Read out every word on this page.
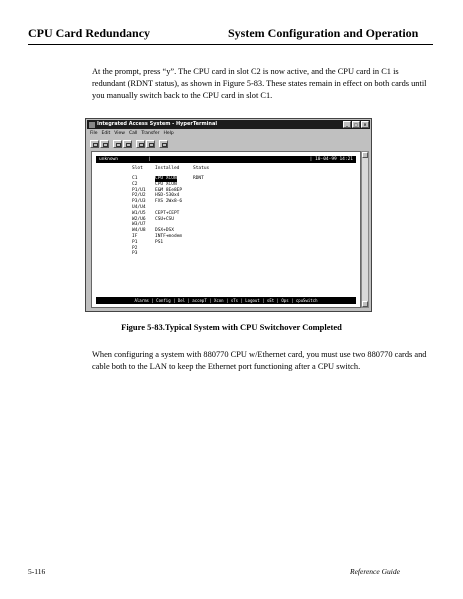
CPU Card Redundancy	System Configuration and Operation
At the prompt, press “y”. The CPU card in slot C2 is now active, and the CPU card in C1 is redundant (RDNT status), as shown in Figure 5-83. These states remain in effect on both cards until you manually switch back to the CPU card in slot C1.
Integrated Access System - HyperTerminal	_	□	×
File Edit View Call Transfer Help
unknown	|	| 10-04-99 14:21
Slot	Installed	Status
C1	CPU XCON	RDNT
C2	CPU XCON
P1/U1 E&M 8Ee8EP
P2/U2 HSD-530x4
P3/U3 FXS 2Wx8-6
U4/U4
W1/U5 CEPT+CEPT
W2/U6 CSU+CSU
W3/U7
W4/U8 DSX+DSX
IF	INTF+modem
P1	PS1
P2
P3
Alarms | Config | Del | accepT | Xcon | sTs | Logout | sEt | Ops | cpuSwitch
Figure 5-83.Typical System with CPU Switchover Completed
When configuring a system with 880770 CPU w/Ethernet card, you must use two 880770 cards and cable both to the LAN to keep the Ethernet port functioning after a CPU switch.
5-116	Reference Guide
